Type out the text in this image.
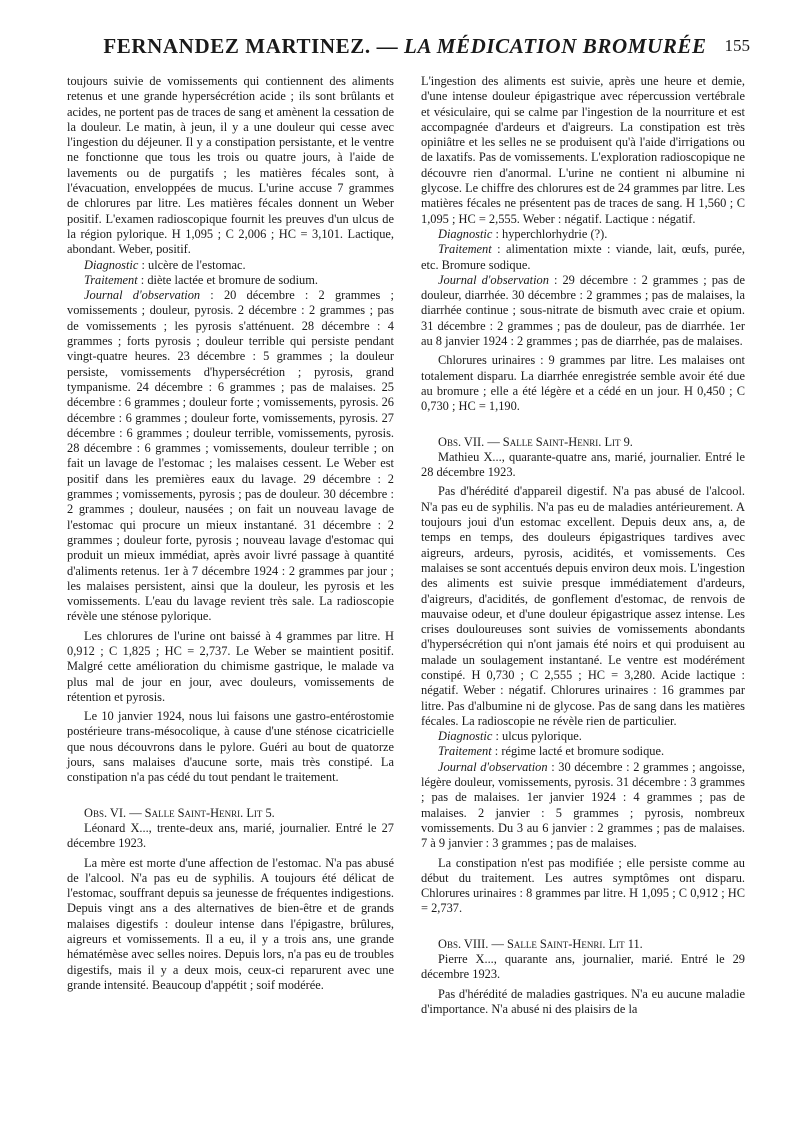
FERNANDEZ MARTINEZ. — LA MÉDICATION BROMURÉE 155

toujours suivie de vomissements qui contiennent des aliments retenus et une grande hypersécrétion acide ; ils sont brûlants et acides, ne portent pas de traces de sang et amènent la cessation de la douleur. Le matin, à jeun, il y a une douleur qui cesse avec l'ingestion du déjeuner. Il y a constipation persistante, et le ventre ne fonctionne que tous les trois ou quatre jours, à l'aide de lavements ou de purgatifs ; les matières fécales sont, à l'évacuation, enveloppées de mucus. L'urine accuse 7 grammes de chlorures par litre. Les matières fécales donnent un Weber positif. L'examen radioscopique fournit les preuves d'un ulcus de la région pylorique. H 1,095 ; C 2,006 ; HC = 3,101. Lactique, abondant. Weber, positif.

Diagnostic : ulcère de l'estomac.

Traitement : diète lactée et bromure de sodium.

Journal d'observation : 20 décembre : 2 grammes ; vomissements ; douleur, pyrosis. 2 décembre : 2 grammes ; pas de vomissements ; les pyrosis s'atténuent. 28 décembre : 4 grammes ; forts pyrosis ; douleur terrible qui persiste pendant vingt-quatre heures. 23 décembre : 5 grammes ; la douleur persiste, vomissements d'hypersécrétion ; pyrosis, grand tympanisme. 24 décembre : 6 grammes ; pas de malaises. 25 décembre : 6 grammes ; douleur forte ; vomissements, pyrosis. 26 décembre : 6 grammes ; douleur forte, vomissements, pyrosis. 27 décembre : 6 grammes ; douleur terrible, vomissements, pyrosis. 28 décembre : 6 grammes ; vomissements, douleur terrible ; on fait un lavage de l'estomac ; les malaises cessent. Le Weber est positif dans les premières eaux du lavage. 29 décembre : 2 grammes ; vomissements, pyrosis ; pas de douleur. 30 décembre : 2 grammes ; douleur, nausées ; on fait un nouveau lavage de l'estomac qui procure un mieux instantané. 31 décembre : 2 grammes ; douleur forte, pyrosis ; nouveau lavage d'estomac qui produit un mieux immédiat, après avoir livré passage à quantité d'aliments retenus. 1er à 7 décembre 1924 : 2 grammes par jour ; les malaises persistent, ainsi que la douleur, les pyrosis et les vomissements. L'eau du lavage revient très sale. La radioscopie révèle une sténose pylorique.

Les chlorures de l'urine ont baissé à 4 grammes par litre. H 0,912 ; C 1,825 ; HC = 2,737. Le Weber se maintient positif. Malgré cette amélioration du chimisme gastrique, le malade va plus mal de jour en jour, avec douleurs, vomissements de rétention et pyrosis.

Le 10 janvier 1924, nous lui faisons une gastro-entérostomie postérieure trans-mésocolique, à cause d'une sténose cicatricielle que nous découvrons dans le pylore. Guéri au bout de quatorze jours, sans malaises d'aucune sorte, mais très constipé. La constipation n'a pas cédé du tout pendant le traitement.

Obs. VI. — Salle Saint-Henri. Lit 5.

Léonard X..., trente-deux ans, marié, journalier. Entré le 27 décembre 1923.

La mère est morte d'une affection de l'estomac. N'a pas abusé de l'alcool. N'a pas eu de syphilis. A toujours été délicat de l'estomac, souffrant depuis sa jeunesse de fréquentes indigestions. Depuis vingt ans a des alternatives de bien-être et de grands malaises digestifs : douleur intense dans l'épigastre, brûlures, aigreurs et vomissements. Il a eu, il y a trois ans, une grande hématémèse avec selles noires. Depuis lors, n'a pas eu de troubles digestifs, mais il y a deux mois, ceux-ci reparurent avec une grande intensité. Beaucoup d'appétit ; soif modérée.

L'ingestion des aliments est suivie, après une heure et demie, d'une intense douleur épigastrique avec répercussion vertébrale et vésiculaire, qui se calme par l'ingestion de la nourriture et est accompagnée d'ardeurs et d'aigreurs. La constipation est très opiniâtre et les selles ne se produisent qu'à l'aide d'irrigations ou de laxatifs. Pas de vomissements. L'exploration radioscopique ne découvre rien d'anormal. L'urine ne contient ni albumine ni glycose. Le chiffre des chlorures est de 24 grammes par litre. Les matières fécales ne présentent pas de traces de sang. H 1,560 ; C 1,095 ; HC = 2,555. Weber : négatif. Lactique : négatif.

Diagnostic : hyperchlorhydrie (?).

Traitement : alimentation mixte : viande, lait, œufs, purée, etc. Bromure sodique.

Journal d'observation : 29 décembre : 2 grammes ; pas de douleur, diarrhée. 30 décembre : 2 grammes ; pas de malaises, la diarrhée continue ; sous-nitrate de bismuth avec craie et opium. 31 décembre : 2 grammes ; pas de douleur, pas de diarrhée. 1er au 8 janvier 1924 : 2 grammes ; pas de diarrhée, pas de malaises.

Chlorures urinaires : 9 grammes par litre. Les malaises ont totalement disparu. La diarrhée enregistrée semble avoir été due au bromure ; elle a été légère et a cédé en un jour. H 0,450 ; C 0,730 ; HC = 1,190.

Obs. VII. — Salle Saint-Henri. Lit 9.

Mathieu X..., quarante-quatre ans, marié, journalier. Entré le 28 décembre 1923.

Pas d'hérédité d'appareil digestif. N'a pas abusé de l'alcool. N'a pas eu de syphilis. N'a pas eu de maladies antérieurement. A toujours joui d'un estomac excellent. Depuis deux ans, a, de temps en temps, des douleurs épigastriques tardives avec aigreurs, ardeurs, pyrosis, acidités, et vomissements. Ces malaises se sont accentués depuis environ deux mois. L'ingestion des aliments est suivie presque immédiatement d'ardeurs, d'aigreurs, d'acidités, de gonflement d'estomac, de renvois de mauvaise odeur, et d'une douleur épigastrique assez intense. Les crises douloureuses sont suivies de vomissements abondants d'hypersécrétion qui n'ont jamais été noirs et qui produisent au malade un soulagement instantané. Le ventre est modérément constipé. H 0,730 ; C 2,555 ; HC = 3,280. Acide lactique : négatif. Weber : négatif. Chlorures urinaires : 16 grammes par litre. Pas d'albumine ni de glycose. Pas de sang dans les matières fécales. La radioscopie ne révèle rien de particulier.

Diagnostic : ulcus pylorique.

Traitement : régime lacté et bromure sodique.

Journal d'observation : 30 décembre : 2 grammes ; angoisse, légère douleur, vomissements, pyrosis. 31 décembre : 3 grammes ; pas de malaises. 1er janvier 1924 : 4 grammes ; pas de malaises. 2 janvier : 5 grammes ; pyrosis, nombreux vomissements. Du 3 au 6 janvier : 2 grammes ; pas de malaises. 7 à 9 janvier : 3 grammes ; pas de malaises.

La constipation n'est pas modifiée ; elle persiste comme au début du traitement. Les autres symptômes ont disparu. Chlorures urinaires : 8 grammes par litre. H 1,095 ; C 0,912 ; HC = 2,737.

Obs. VIII. — Salle Saint-Henri. Lit 11.

Pierre X..., quarante ans, journalier, marié. Entré le 29 décembre 1923.

Pas d'hérédité de maladies gastriques. N'a eu aucune maladie d'importance. N'a abusé ni des plaisirs de la
